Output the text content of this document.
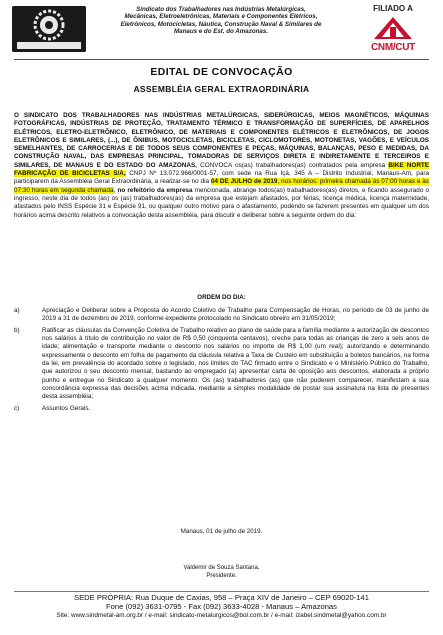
Sindicato dos Trabalhadores nas Indústrias Metalúrgicas,
Mecânicas, Eletroeletrônicas, Materiais e Componentes Elétricos,
Eletrônicos, Motocicletas, Náutica, Construção Naval & Similares de
Manaus e do Est. do Amazonas.
FILIADO A
CNM/CUT
EDITAL DE CONVOCAÇÃO
ASSEMBLÉIA GERAL EXTRAORDINÁRIA
O SINDICATO DOS TRABALHADORES NAS INDÚSTRIAS METALÚRGICAS, SIDERÚRGICAS, MEIOS MAGNÉTICOS, MÁQUINAS FOTOGRÁFICAS, INDÚSTRIAS DE PROTEÇÃO, TRATAMENTO TÉRMICO E TRANSFORMAÇÃO DE SUPERFÍCIES, DE APARELHOS ELÉTRICOS, ELETRO-ELETRÔNICO, ELETRÔNICO, DE MATERIAIS E COMPONENTES ELÉTRICOS E ELETRÔNICOS, DE JOGOS ELETRÔNICOS E SIMILARES, (...), DE ÔNIBUS, MOTOCICLETAS, BICICLETAS, CICLOMOTORES, MOTONETAS, VAGÕES, E VEÍCULOS SEMELHANTES, DE CARROCERIAS E DE TODOS SEUS COMPONENTES E PEÇAS, MÁQUINAS, BALANÇAS, PESO E MEDIDAS, DA CONSTRUÇÃO NAVAL, DAS EMPRESAS PRINCIPAL, TOMADORAS DE SERVIÇOS DIRETA E INDIRETAMENTE E TERCEIROS E SIMILARES, DE MANAUS E DO ESTADO DO AMAZONAS, CONVOCA os(as) trabalhadores(as) contratados pela empresa BIKE NORTE FABRICAÇÃO DE BICICLETAS S/A, CNPJ Nº 13.072.966/0001-57, com sede na Rua Içá, 345 A – Distrito Industrial, Manaus-Am, para participarem da Assembléia Geral Extraordinária, a realizar-se no dia 04 DE JULHO de 2019, nos horários: primeira chamada às 07:00 horas e às 07:30 horas em segunda chamada, no refeitório da empresa mencionada, abrange todos(as) trabalhadores(as) diretos, e ficando assegurado o ingresso, neste dia de todos (as) os (as) trabalhadores(as) da empresa que estejam afastados, por férias, licença médica, licença maternidade, afastados pelo INSS Espécie 31 e Espécie 91, ou qualquer outro motivo para o afastamento, podendo se fazerem presentes em qualquer um dos horários acima descrito relativos a convocação desta assembléia, para discutir e deliberar sobre a seguinte ordem do dia:
ORDEM DO DIA:
a)	Apreciação e Deliberar sobre a Proposta do Acordo Coletivo de Trabalho para Compensação de Horas, no período de 03 de junho de 2019 a 31 de dezembro de 2019, conforme expediente protocolado no Sindicato obreiro em 31/05/2019;
b)	Ratificar as cláusulas da Convenção Coletiva de Trabalho relativo ao plano de saúde para a família mediante a autorização de descontos nos salários à título de contribuição no valor de R$ 0,50 (cinquenta centavos), creche para todas as crianças de zero a seis anos de idade; alimentação e transporte mediante o desconto nos salários no importe de R$ 1,00 (um real); autorizando e determinando expressamente o desconto em folha de pagamento da cláusula relativa a Taxa de Custeio em substituição a boletos bancários, na forma da lei, em prevalência do acordado sobre o legislado, nos limites do TAC firmado entre o Sindicato e o Ministério Público do Trabalho, que autorizou o seu desconto mensal, bastando ao empregado (a) apresentar carta de oposição aos descontos, elaborada a próprio punho e entregue no Sindicato a qualquer momento. Os (as) trabalhadores (as) que não puderem comparecer, manifestam a sua concordância expressa das decisões acima indicada, mediante a simples modalidade de postar sua assinatura na lista de presentes desta assembléia;
c)	Assuntos Gerais.
Manaus, 01 de julho de 2019.
Valdemir de Souza Santana,
Presidente.
SEDE PRÓPRIA: Rua Duque de Caxias, 958 – Praça XIV de Janeiro – CEP 69020-141
Fone (092) 3631-0795 - Fax (092) 3633-4028 - Manaus – Amazonas
Site: www.sindmetal-am.org.br / e-mail: sindicato-metalurgicos@bol.com.br / e-mail: izabel.sindmetal@yahoo.com.br
